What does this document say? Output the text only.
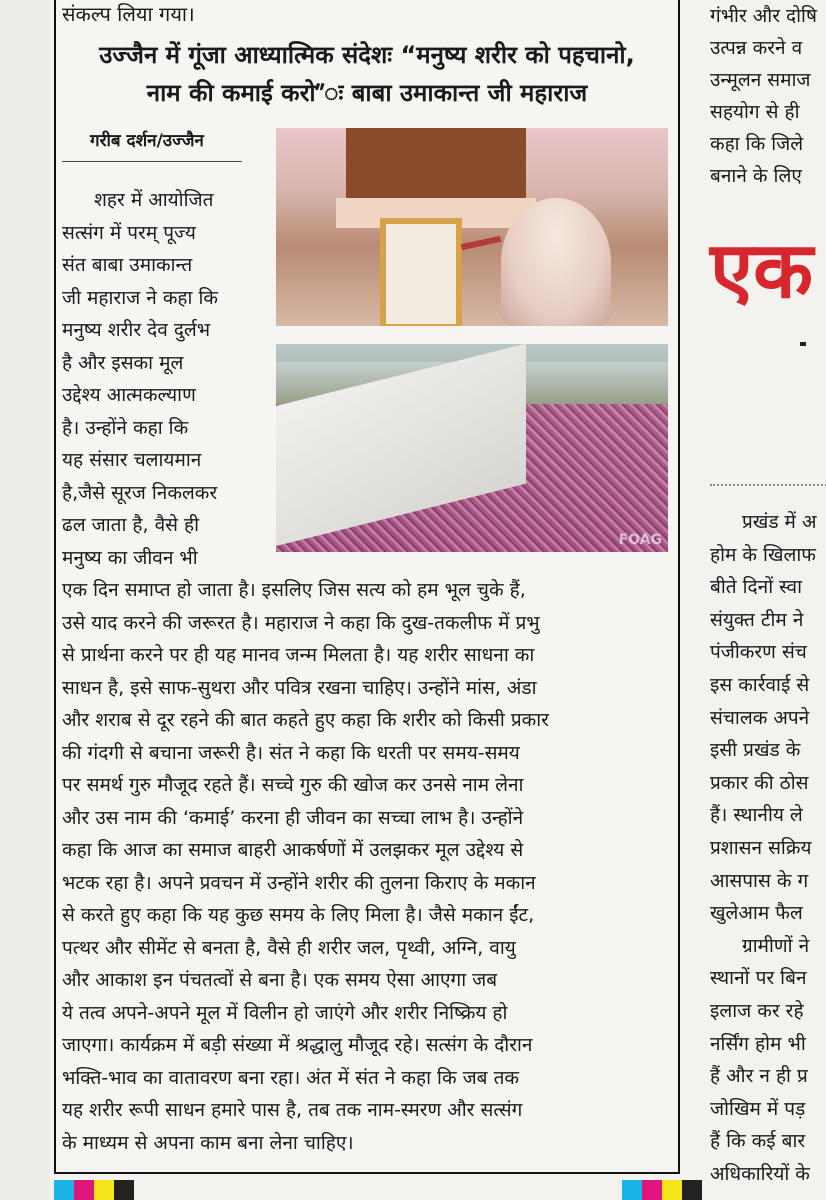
संकल्प लिया गया।
उज्जैन में गूंजा आध्यात्मिक संदेशः “मनुष्य शरीर को पहचानो,
नाम की कमाई करो”ः बाबा उमाकान्त जी महाराज
गरीब दर्शन/उज्जैन
शहर में आयोजित
सत्संग में परम् पूज्य
संत बाबा उमाकान्त
जी महाराज ने कहा कि
मनुष्य शरीर देव दुर्लभ
है और इसका मूल
उद्देश्य आत्मकल्याण
है। उन्होंने कहा कि
यह संसार चलायमान
है,जैसे सूरज निकलकर
ढल जाता है, वैसे ही
मनुष्य का जीवन भी
FOAG
एक दिन समाप्त हो जाता है। इसलिए जिस सत्य को हम भूल चुके हैं,
उसे याद करने की जरूरत है। महाराज ने कहा कि दुख-तकलीफ में प्रभु
से प्रार्थना करने पर ही यह मानव जन्म मिलता है। यह शरीर साधना का
साधन है, इसे साफ-सुथरा और पवित्र रखना चाहिए। उन्होंने मांस, अंडा
और शराब से दूर रहने की बात कहते हुए कहा कि शरीर को किसी प्रकार
की गंदगी से बचाना जरूरी है। संत ने कहा कि धरती पर समय-समय
पर समर्थ गुरु मौजूद रहते हैं। सच्चे गुरु की खोज कर उनसे नाम लेना
और उस नाम की ‘कमाई’ करना ही जीवन का सच्चा लाभ है। उन्होंने
कहा कि आज का समाज बाहरी आकर्षणों में उलझकर मूल उद्देश्य से
भटक रहा है। अपने प्रवचन में उन्होंने शरीर की तुलना किराए के मकान
से करते हुए कहा कि यह कुछ समय के लिए मिला है। जैसे मकान ईंट,
पत्थर और सीमेंट से बनता है, वैसे ही शरीर जल, पृथ्वी, अग्नि, वायु
और आकाश इन पंचतत्वों से बना है। एक समय ऐसा आएगा जब
ये तत्व अपने-अपने मूल में विलीन हो जाएंगे और शरीर निष्क्रिय हो
जाएगा। कार्यक्रम में बड़ी संख्या में श्रद्धालु मौजूद रहे। सत्संग के दौरान
भक्ति-भाव का वातावरण बना रहा। अंत में संत ने कहा कि जब तक
यह शरीर रूपी साधन हमारे पास है, तब तक नाम-स्मरण और सत्संग
के माध्यम से अपना काम बना लेना चाहिए।
गंभीर और दोषि
उत्पन्न करने व
उन्मूलन समाज
सहयोग से ही
कहा कि जिले
बनाने के लिए
एक
प्रखंड में अ
होम के खिलाफ
बीते दिनों स्वा
संयुक्त टीम ने
पंजीकरण संच
इस कार्रवाई से
संचालक अपने
इसी प्रखंड के
प्रकार की ठोस
हैं। स्थानीय ले
प्रशासन सक्रिय
आसपास के ग
खुलेआम फैल
ग्रामीणों ने
स्थानों पर बिन
इलाज कर रहे
नर्सिंग होम भी
हैं और न ही प्र
जोखिम में पड़
हैं कि कई बार
अधिकारियों के
